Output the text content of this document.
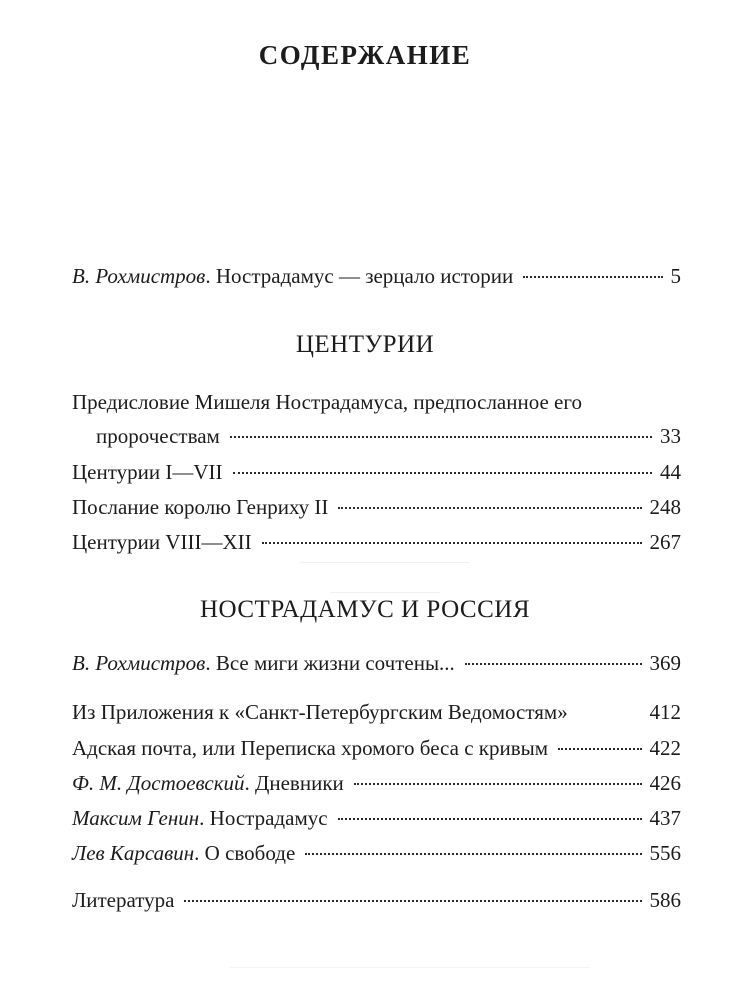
СОДЕРЖАНИЕ
В. Рохмистров. Нострадамус — зерцало истории	5
ЦЕНТУРИИ
Предисловие Мишеля Нострадамуса, предпосланное его
пророчествам	33
Центурии I—VII	44
Послание королю Генриху II	248
Центурии VIII—XII	267
НОСТРАДАМУС И РОССИЯ
В. Рохмистров. Все миги жизни сочтены...	369
Из Приложения к «Санкт-Петербургским Ведомостям»	412
Адская почта, или Переписка хромого беса с кривым	422
Ф. М. Достоевский. Дневники	426
Максим Генин. Нострадамус	437
Лев Карсавин. О свободе	556
Литература	586
